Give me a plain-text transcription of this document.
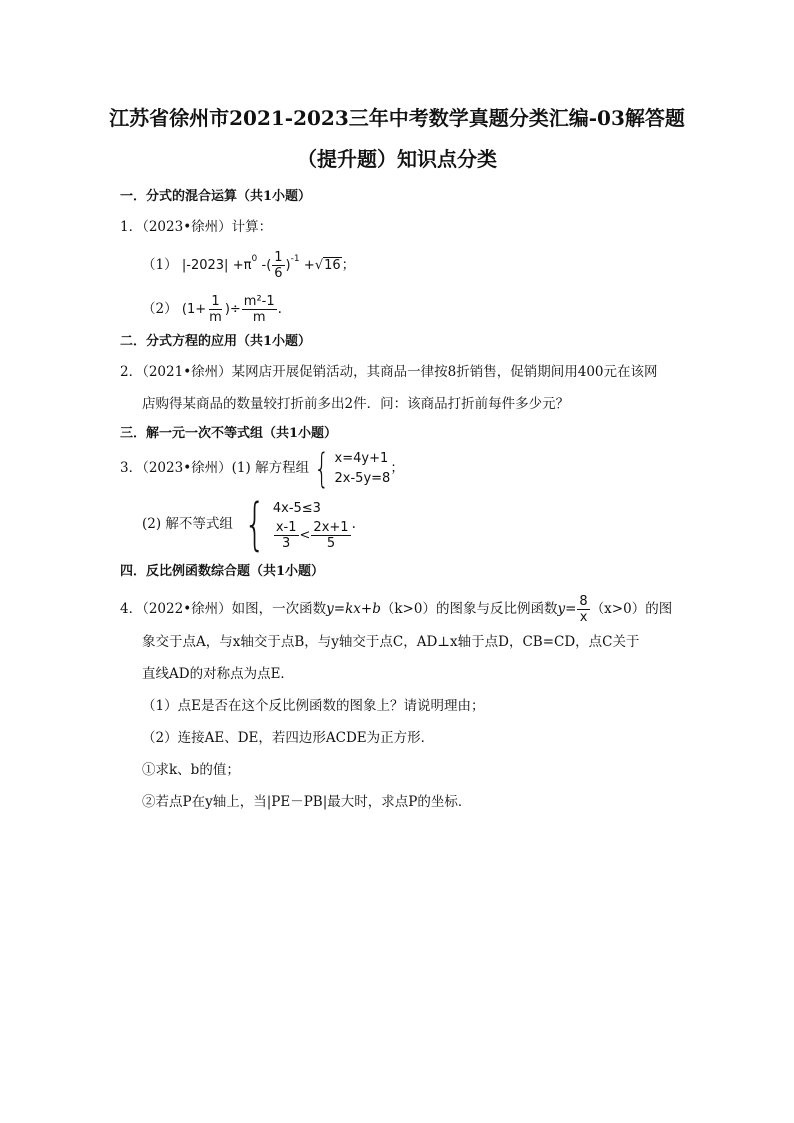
江苏省徐州市2021-2023三年中考数学真题分类汇编-03解答题
（提升题）知识点分类
一．分式的混合运算（共1小题）
1．（2023•徐州）计算：
（1） $|-2023| +\pi^0$ -( $\frac{1}{6} )^{-1} +√16$；
（2） ($1+ \frac{1}{m}$ )÷ $\frac{\text{m²-1}}{m}$ .
二．分式方程的应用（共1小题）
2．（2021•徐州）某网店开展促销活动，其商品一律按8折销售，促销期间用400元在该网
店购得某商品的数量较打折前多出2件．问：该商品打折前每件多少元？
三．解一元一次不等式组（共1小题）
3．（2023•徐州）(1) 解方程组 { x=4y+1
2x-5y=8
；
(2) 解不等式组 { 4x-5≤3
$\frac{x-1}{3} < \frac{2x+1}{5}$ .
四．反比例函数综合题（共1小题）
4．（2022•徐州）如图，一次函数y=kx+b（k>0）的图象与反比例函数$y= \frac{8}{x} (x>0)$的图
象交于点A，与x轴交于点B，与y轴交于点C，AD⊥x轴于点D，CB=CD，点C关于
直线AD的对称点为点E．
（1）点E是否在这个反比例函数的图象上？请说明理由；
（2）连接AE、DE，若四边形ACDE为正方形．
①求k、b的值；
②若点P在y轴上，当|PE－PB|最大时，求点P的坐标．
